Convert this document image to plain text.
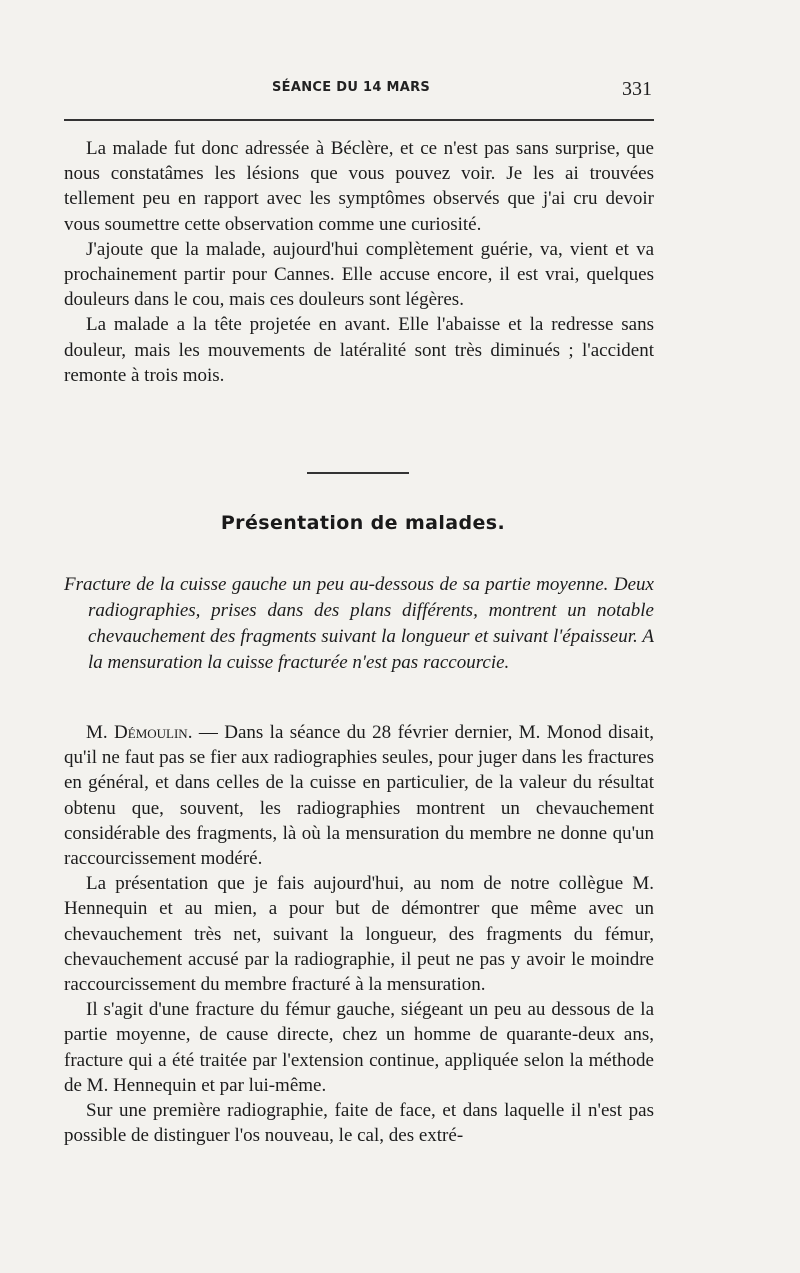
SÉANCE DU 14 MARS	331

La malade fut donc adressée à Béclère, et ce n'est pas sans surprise, que nous constatâmes les lésions que vous pouvez voir. Je les ai trouvées tellement peu en rapport avec les symptômes observés que j'ai cru devoir vous soumettre cette observation comme une curiosité.

J'ajoute que la malade, aujourd'hui complètement guérie, va, vient et va prochainement partir pour Cannes. Elle accuse encore, il est vrai, quelques douleurs dans le cou, mais ces douleurs sont légères.

La malade a la tête projetée en avant. Elle l'abaisse et la redresse sans douleur, mais les mouvements de latéralité sont très diminués ; l'accident remonte à trois mois.

Présentation de malades.
Fracture de la cuisse gauche un peu au-dessous de sa partie moyenne. Deux radiographies, prises dans des plans différents, montrent un notable chevauchement des fragments suivant la longueur et suivant l'épaisseur. A la mensuration la cuisse fracturée n'est pas raccourcie.

M. Démoulin. — Dans la séance du 28 février dernier, M. Monod disait, qu'il ne faut pas se fier aux radiographies seules, pour juger dans les fractures en général, et dans celles de la cuisse en particulier, de la valeur du résultat obtenu que, souvent, les radiographies montrent un chevauchement considérable des fragments, là où la mensuration du membre ne donne qu'un raccourcissement modéré.

La présentation que je fais aujourd'hui, au nom de notre collègue M. Hennequin et au mien, a pour but de démontrer que même avec un chevauchement très net, suivant la longueur, des fragments du fémur, chevauchement accusé par la radiographie, il peut ne pas y avoir le moindre raccourcissement du membre fracturé à la mensuration.

Il s'agit d'une fracture du fémur gauche, siégeant un peu au dessous de la partie moyenne, de cause directe, chez un homme de quarante-deux ans, fracture qui a été traitée par l'extension continue, appliquée selon la méthode de M. Hennequin et par lui-même.

Sur une première radiographie, faite de face, et dans laquelle il n'est pas possible de distinguer l'os nouveau, le cal, des extré-
